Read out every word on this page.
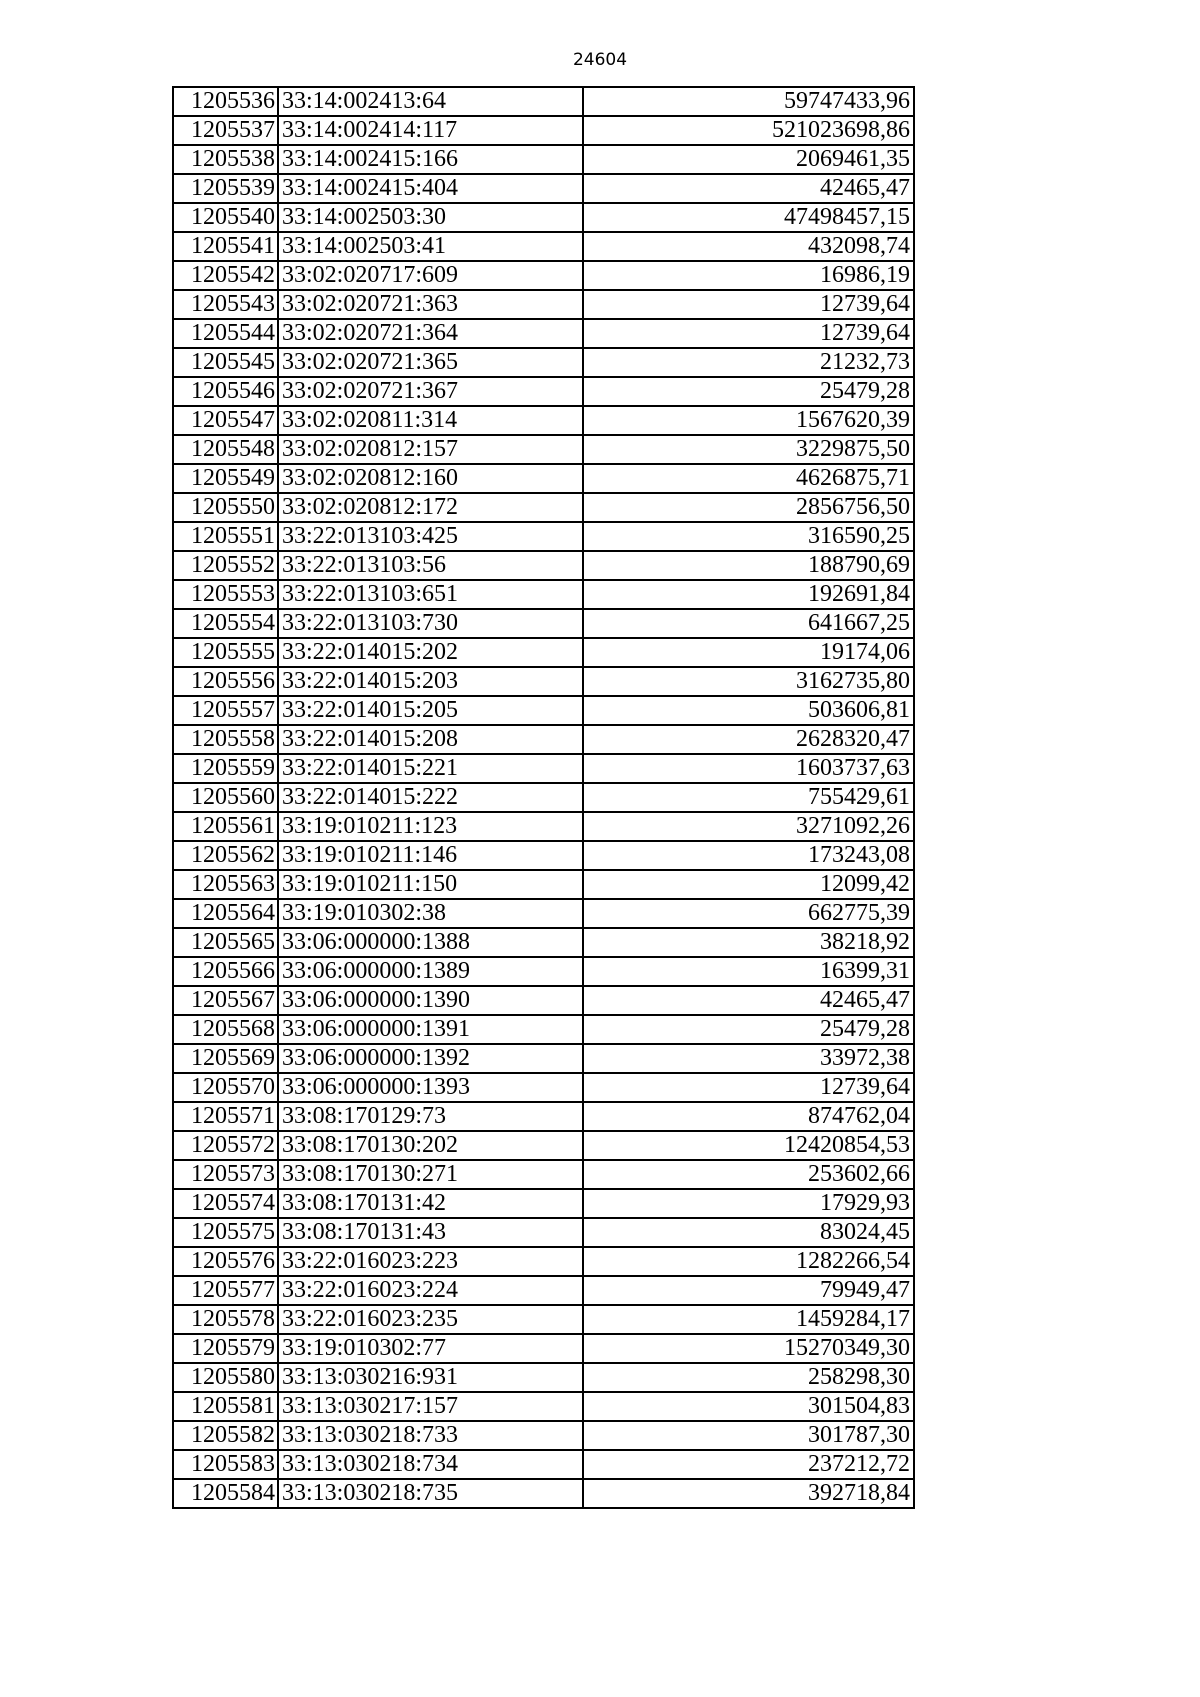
24604
1205536	33:14:002413:64	59747433,96
1205537	33:14:002414:117	521023698,86
1205538	33:14:002415:166	2069461,35
1205539	33:14:002415:404	42465,47
1205540	33:14:002503:30	47498457,15
1205541	33:14:002503:41	432098,74
1205542	33:02:020717:609	16986,19
1205543	33:02:020721:363	12739,64
1205544	33:02:020721:364	12739,64
1205545	33:02:020721:365	21232,73
1205546	33:02:020721:367	25479,28
1205547	33:02:020811:314	1567620,39
1205548	33:02:020812:157	3229875,50
1205549	33:02:020812:160	4626875,71
1205550	33:02:020812:172	2856756,50
1205551	33:22:013103:425	316590,25
1205552	33:22:013103:56	188790,69
1205553	33:22:013103:651	192691,84
1205554	33:22:013103:730	641667,25
1205555	33:22:014015:202	19174,06
1205556	33:22:014015:203	3162735,80
1205557	33:22:014015:205	503606,81
1205558	33:22:014015:208	2628320,47
1205559	33:22:014015:221	1603737,63
1205560	33:22:014015:222	755429,61
1205561	33:19:010211:123	3271092,26
1205562	33:19:010211:146	173243,08
1205563	33:19:010211:150	12099,42
1205564	33:19:010302:38	662775,39
1205565	33:06:000000:1388	38218,92
1205566	33:06:000000:1389	16399,31
1205567	33:06:000000:1390	42465,47
1205568	33:06:000000:1391	25479,28
1205569	33:06:000000:1392	33972,38
1205570	33:06:000000:1393	12739,64
1205571	33:08:170129:73	874762,04
1205572	33:08:170130:202	12420854,53
1205573	33:08:170130:271	253602,66
1205574	33:08:170131:42	17929,93
1205575	33:08:170131:43	83024,45
1205576	33:22:016023:223	1282266,54
1205577	33:22:016023:224	79949,47
1205578	33:22:016023:235	1459284,17
1205579	33:19:010302:77	15270349,30
1205580	33:13:030216:931	258298,30
1205581	33:13:030217:157	301504,83
1205582	33:13:030218:733	301787,30
1205583	33:13:030218:734	237212,72
1205584	33:13:030218:735	392718,84
